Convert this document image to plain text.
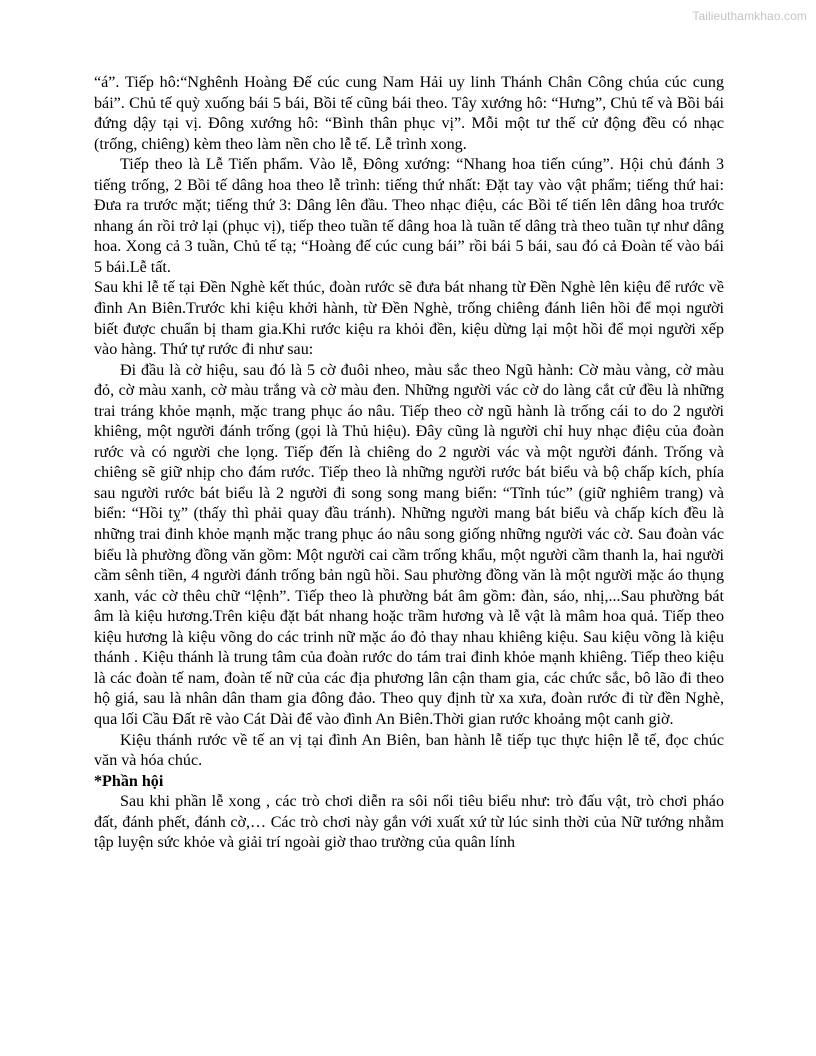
Tailieuthamkhao.com

“á”. Tiếp hô:“Nghênh Hoàng Đế cúc cung Nam Hải uy linh Thánh Chân Công chúa cúc cung bái”. Chủ tế quỳ xuống bái 5 bái, Bồi tế cũng bái theo. Tây xướng hô: “Hưng”, Chủ tế và Bồi bái đứng dậy tại vị. Đông xướng hô: “Bình thân phục vị”. Mỗi một tư thế cử động đều có nhạc (trống, chiêng) kèm theo làm nền cho lễ tế. Lễ trình xong.

Tiếp theo là Lễ Tiến phẩm. Vào lễ, Đông xướng: “Nhang hoa tiến cúng”. Hội chủ đánh 3 tiếng trống, 2 Bồi tế dâng hoa theo lễ trình: tiếng thứ nhất: Đặt tay vào vật phẩm; tiếng thứ hai: Đưa ra trước mặt; tiếng thứ 3: Dâng lên đầu. Theo nhạc điệu, các Bồi tế tiến lên dâng hoa trước nhang án rồi trở lại (phục vị), tiếp theo tuần tế dâng hoa là tuần tế dâng trà theo tuần tự như dâng hoa. Xong cả 3 tuần, Chủ tế tạ; “Hoàng đế cúc cung bái” rồi bái 5 bái, sau đó cả Đoàn tế vào bái 5 bái.Lễ tất.

Sau khi lễ tế tại Đền Nghè kết thúc, đoàn rước sẽ đưa bát nhang từ Đền Nghè lên kiệu để rước về đình An Biên.Trước khi kiệu khởi hành, từ Đền Nghè, trống chiêng đánh liên hồi để mọi người biết được chuẩn bị tham gia.Khi rước kiệu ra khỏi đền, kiệu dừng lại một hồi để mọi người xếp vào hàng. Thứ tự rước đi như sau:

Đi đầu là cờ hiệu, sau đó là 5 cờ đuôi nheo, màu sắc theo Ngũ hành: Cờ màu vàng, cờ màu đỏ, cờ màu xanh, cờ màu trắng và cờ màu đen. Những người vác cờ do làng cắt cử đều là những trai tráng khỏe mạnh, mặc trang phục áo nâu. Tiếp theo cờ ngũ hành là trống cái to do 2 người khiêng, một người đánh trống (gọi là Thủ hiệu). Đây cũng là người chỉ huy nhạc điệu của đoàn rước và có người che lọng. Tiếp đến là chiêng do 2 người vác và một người đánh. Trống và chiêng sẽ giữ nhịp cho đám rước. Tiếp theo là những người rước bát biểu và bộ chấp kích, phía sau người rước bát biểu là 2 người đi song song mang biển: “Tĩnh túc” (giữ nghiêm trang) và biển: “Hồi tỵ” (thấy thì phải quay đầu tránh). Những người mang bát biểu và chấp kích đều là những trai đinh khỏe mạnh mặc trang phục áo nâu song giống những người vác cờ. Sau đoàn vác biểu là phường đồng văn gồm: Một người cai cầm trống khẩu, một người cầm thanh la, hai người cầm sênh tiền, 4 người đánh trống bản ngũ hồi. Sau phường đồng văn là một người mặc áo thụng xanh, vác cờ thêu chữ “lệnh”. Tiếp theo là phường bát âm gồm: đàn, sáo, nhị,...Sau phường bát âm là kiệu hương.Trên kiệu đặt bát nhang hoặc trầm hương và lễ vật là mâm hoa quả. Tiếp theo kiệu hương là kiệu võng do các trinh nữ mặc áo đỏ thay nhau khiêng kiệu. Sau kiệu võng là kiệu thánh . Kiệu thánh là trung tâm của đoàn rước do tám trai đinh khỏe mạnh khiêng. Tiếp theo kiệu là các đoàn tế nam, đoàn tế nữ của các địa phương lân cận tham gia, các chức sắc, bô lão đi theo hộ giá, sau là nhân dân tham gia đông đảo. Theo quy định từ xa xưa, đoàn rước đi từ đền Nghè, qua lối Cầu Đất rẽ vào Cát Dài để vào đình An Biên.Thời gian rước khoảng một canh giờ.

Kiệu thánh rước về tế an vị tại đình An Biên, ban hành lễ tiếp tục thực hiện lễ tế, đọc chúc văn và hóa chúc.

*Phần hội

Sau khi phần lễ xong , các trò chơi diễn ra sôi nổi tiêu biểu như: trò đấu vật, trò chơi pháo đất, đánh phết, đánh cờ,… Các trò chơi này gắn với xuất xứ từ lúc sinh thời của Nữ tướng nhằm tập luyện sức khỏe và giải trí ngoài giờ thao trường của quân lính
